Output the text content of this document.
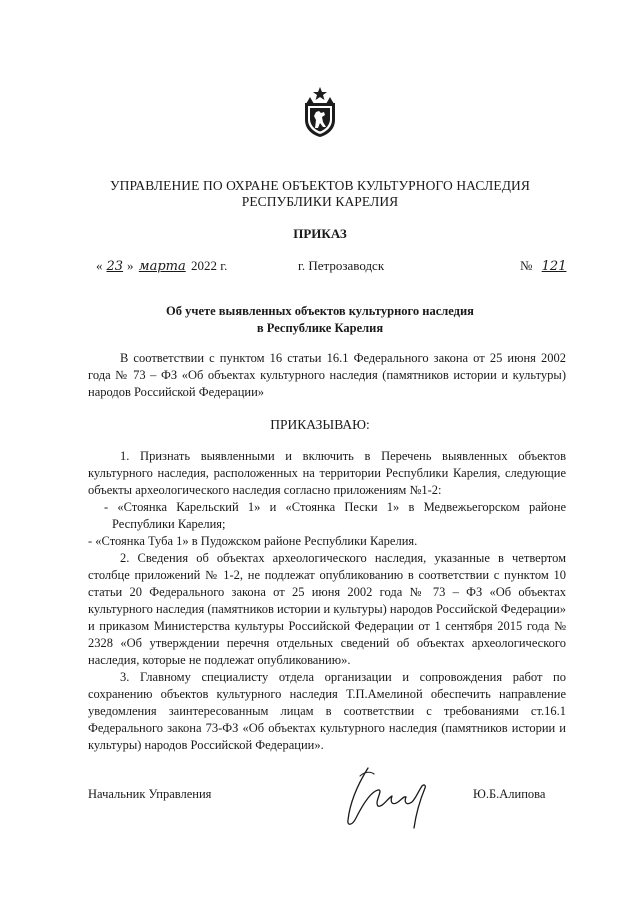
УПРАВЛЕНИЕ ПО ОХРАНЕ ОБЪЕКТОВ КУЛЬТУРНОГО НАСЛЕДИЯ
РЕСПУБЛИКИ КАРЕЛИЯ
ПРИКАЗ
« 23 » марта 2022 г.	г. Петрозаводск	№ 121
Об учете выявленных объектов культурного наследия
в Республике Карелия

В соответствии с пунктом 16 статьи 16.1 Федерального закона от 25 июня 2002 года № 73 – ФЗ «Об объектах культурного наследия (памятников истории и культуры) народов Российской Федерации»

ПРИКАЗЫВАЮ:

1. Признать выявленными и включить в Перечень выявленных объектов культурного наследия, расположенных на территории Республики Карелия, следующие объекты археологического наследия согласно приложениям №1-2:

- «Стоянка Карельский 1» и «Стоянка Пески 1» в Медвежьегорском районе Республики Карелия;

- «Стоянка Туба 1» в Пудожском районе Республики Карелия.

2. Сведения об объектах археологического наследия, указанные в четвертом столбце приложений № 1-2, не подлежат опубликованию в соответствии с пунктом 10 статьи 20 Федерального закона от 25 июня 2002 года № 73 – ФЗ «Об объектах культурного наследия (памятников истории и культуры) народов Российской Федерации» и приказом Министерства культуры Российской Федерации от 1 сентября 2015 года № 2328 «Об утверждении перечня отдельных сведений об объектах археологического наследия, которые не подлежат опубликованию».

3. Главному специалисту отдела организации и сопровождения работ по сохранению объектов культурного наследия Т.П.Амелиной обеспечить направление уведомления заинтересованным лицам в соответствии с требованиями ст.16.1 Федерального закона 73-ФЗ «Об объектах культурного наследия (памятников истории и культуры) народов Российской Федерации».

Начальник Управления	Ю.Б.Алипова
